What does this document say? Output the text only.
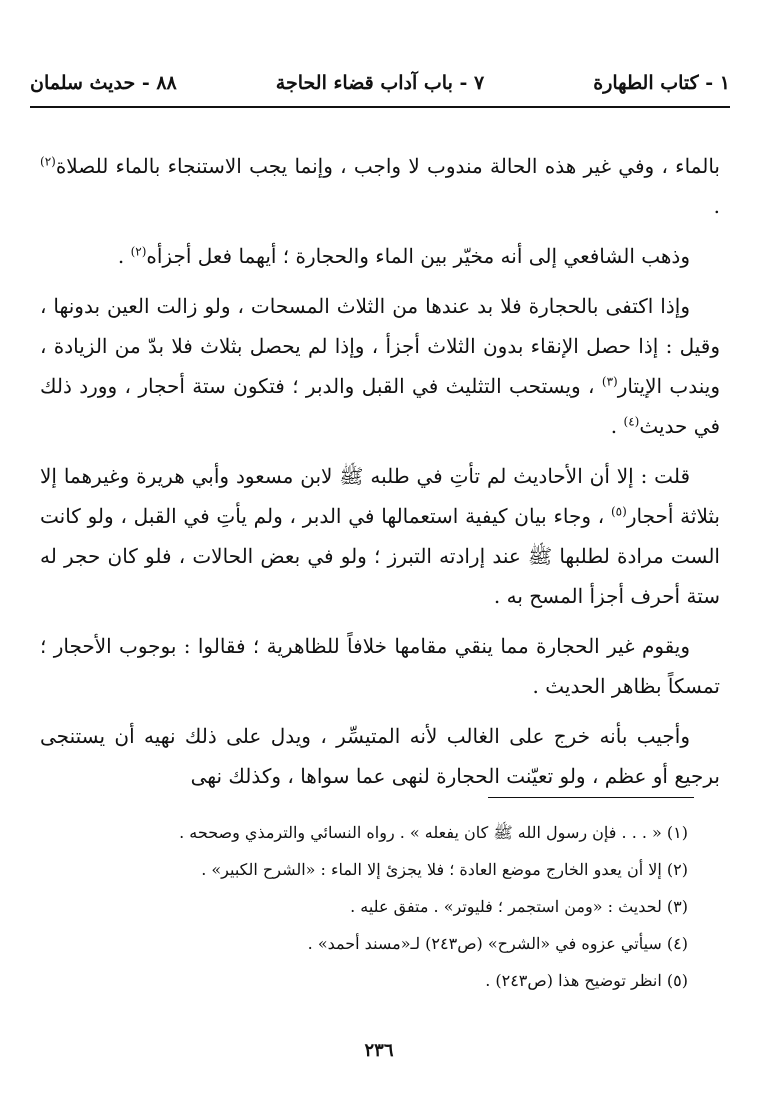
١ - كتاب الطهارة
٧ - باب آداب قضاء الحاجة
٨٨ - حديث سلمان

بالماء ، وفي غير هذه الحالة مندوب لا واجب ، وإنما يجب الاستنجاء بالماء للصلاة$^{(٢)}$ .

وذهب الشافعي إلى أنه مخيّر بين الماء والحجارة ؛ أيهما فعل أجزأه$^{(٢)}$ .

وإذا اكتفى بالحجارة فلا بد عندها من الثلاث المسحات ، ولو زالت العين بدونها ، وقيل : إذا حصل الإنقاء بدون الثلاث أجزأ ، وإذا لم يحصل بثلاث فلا بدّ من الزيادة ، ويندب الإيتار$^{(٣)}$ ، ويستحب التثليث في القبل والدبر ؛ فتكون ستة أحجار ، وورد ذلك في حديث$^{(٤)}$ .

قلت : إلا أن الأحاديث لم تأتِ في طلبه ﷺ لابن مسعود وأبي هريرة وغيرهما إلا بثلاثة أحجار$^{(٥)}$ ، وجاء بيان كيفية استعمالها في الدبر ، ولم يأتِ في القبل ، ولو كانت الست مرادة لطلبها ﷺ عند إرادته التبرز ؛ ولو في بعض الحالات ، فلو كان حجر له ستة أحرف أجزأ المسح به .

ويقوم غير الحجارة مما ينقي مقامها خلافاً للظاهرية ؛ فقالوا : بوجوب الأحجار ؛ تمسكاً بظاهر الحديث .

وأجيب بأنه خرج على الغالب لأنه المتيسِّر ، ويدل على ذلك نهيه أن يستنجى برجيع أو عظم ، ولو تعيّنت الحجارة لنهى عما سواها ، وكذلك نهى

(١) « . . . فإن رسول الله ﷺ كان يفعله » . رواه النسائي والترمذي وصححه .
(٢) إلا أن يعدو الخارج موضع العادة ؛ فلا يجزئ إلا الماء : «الشرح الكبير» .
(٣) لحديث : «ومن استجمر ؛ فليوتر» . متفق عليه .
(٤) سيأتي عزوه في «الشرح» (ص٢٤٣) لـ«مسند أحمد» .
(٥) انظر توضيح هذا (ص٢٤٣) .
٢٣٦
